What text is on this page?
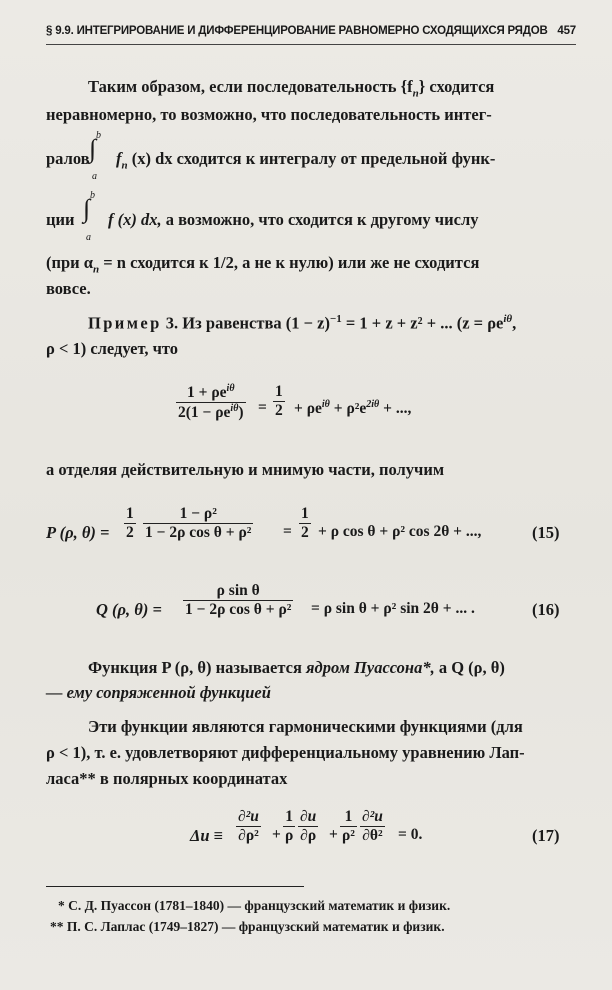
§ 9.9. ИНТЕГРИРОВАНИЕ И ДИФФЕРЕНЦИРОВАНИЕ РАВНОМЕРНО СХОДЯЩИХСЯ РЯДОВ 457
Таким образом, если последовательность $\{f_n\}$ сходится
неравномерно, то возможно, что последовательность интег-
ралов ∫ b
a
$f_n$ (x) dx сходится к интегралу от предельной функ-
ции ∫ b
a
f (x) dx, а возможно, что сходится к другому числу
(при $\alpha_n = n$ сходится к 1/2, а не к нулю) или же не сходится
вовсе.
Пример 3. Из равенства $(1 - z)^{-1} = 1 + z + z^2$ + ... ($z = \rho e^{i\theta}$,
ρ < 1) следует, что
$1 + \rho e^{i\theta}$
$2(1 - \rho e^{i\theta})$ =
1
$2 + \rho e^{i\theta} + \rho^2e^{2i\theta}$ + ...,
а отделяя действительную и мнимую части, получим
P (ρ, θ) =
1
2
1 − ρ²
1 − 2ρ cos θ + ρ² =
1
2 + ρ cos θ + ρ² cos 2θ + ...,	(15)
Q (ρ, θ) =
ρ sin θ
1 − 2ρ cos θ + ρ² = ρ sin θ + ρ² sin 2θ + ... .	(16)
Функция P (ρ, θ) называется ядром Пуассона*, а Q (ρ, θ)
— ему сопряженной функцией
Эти функции являются гармоническими функциями (для
ρ < 1), т. е. удовлетворяют дифференциальному уравнению Лап-
ласа** в полярных координатах
Δu ≡
∂²u
∂ρ² +
1
ρ
∂u
∂ρ +
1
ρ²
∂²u
∂θ² = 0.	(17)
* С. Д. Пуассон (1781–1840) — французский математик и физик.
** П. С. Лаплас (1749–1827) — французский математик и физик.
